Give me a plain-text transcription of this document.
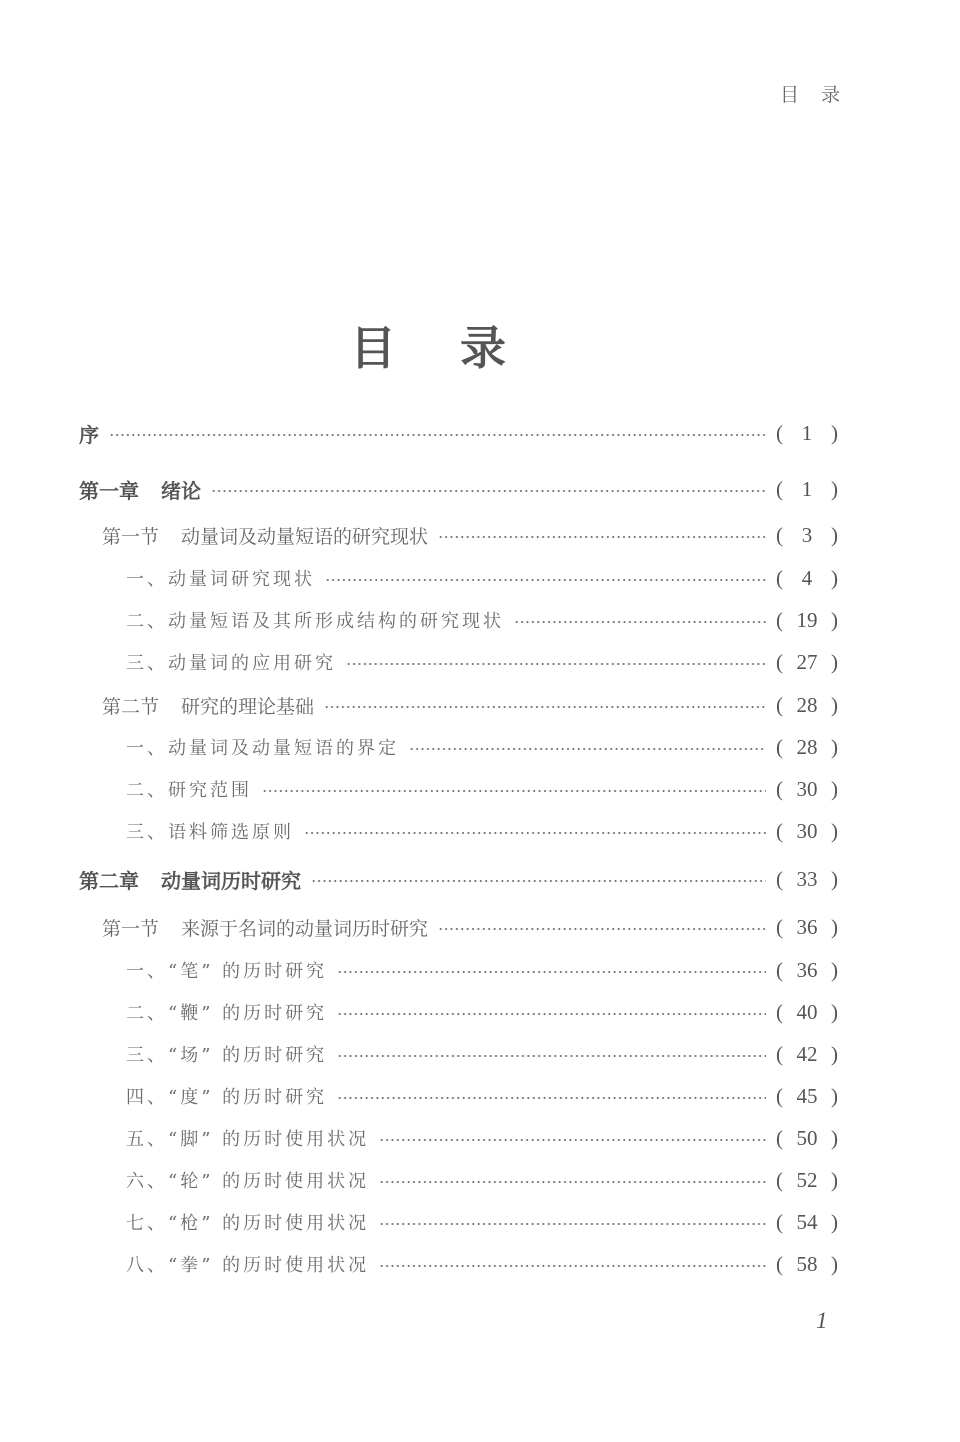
目录
目录
序	( 1 )
第一章 绪论	( 1 )
第一节 动量词及动量短语的研究现状	( 3 )
一、动量词研究现状	( 4 )
二、动量短语及其所形成结构的研究现状	( 19 )
三、动量词的应用研究	( 27 )
第二节 研究的理论基础	( 28 )
一、动量词及动量短语的界定	( 28 )
二、研究范围	( 30 )
三、语料筛选原则	( 30 )
第二章 动量词历时研究	( 33 )
第一节 来源于名词的动量词历时研究	( 36 )
一、“笔” 的历时研究	( 36 )
二、“鞭” 的历时研究	( 40 )
三、“场” 的历时研究	( 42 )
四、“度” 的历时研究	( 45 )
五、“脚” 的历时使用状况	( 50 )
六、“轮” 的历时使用状况	( 52 )
七、“枪” 的历时使用状况	( 54 )
八、“拳” 的历时使用状况	( 58 )
1
